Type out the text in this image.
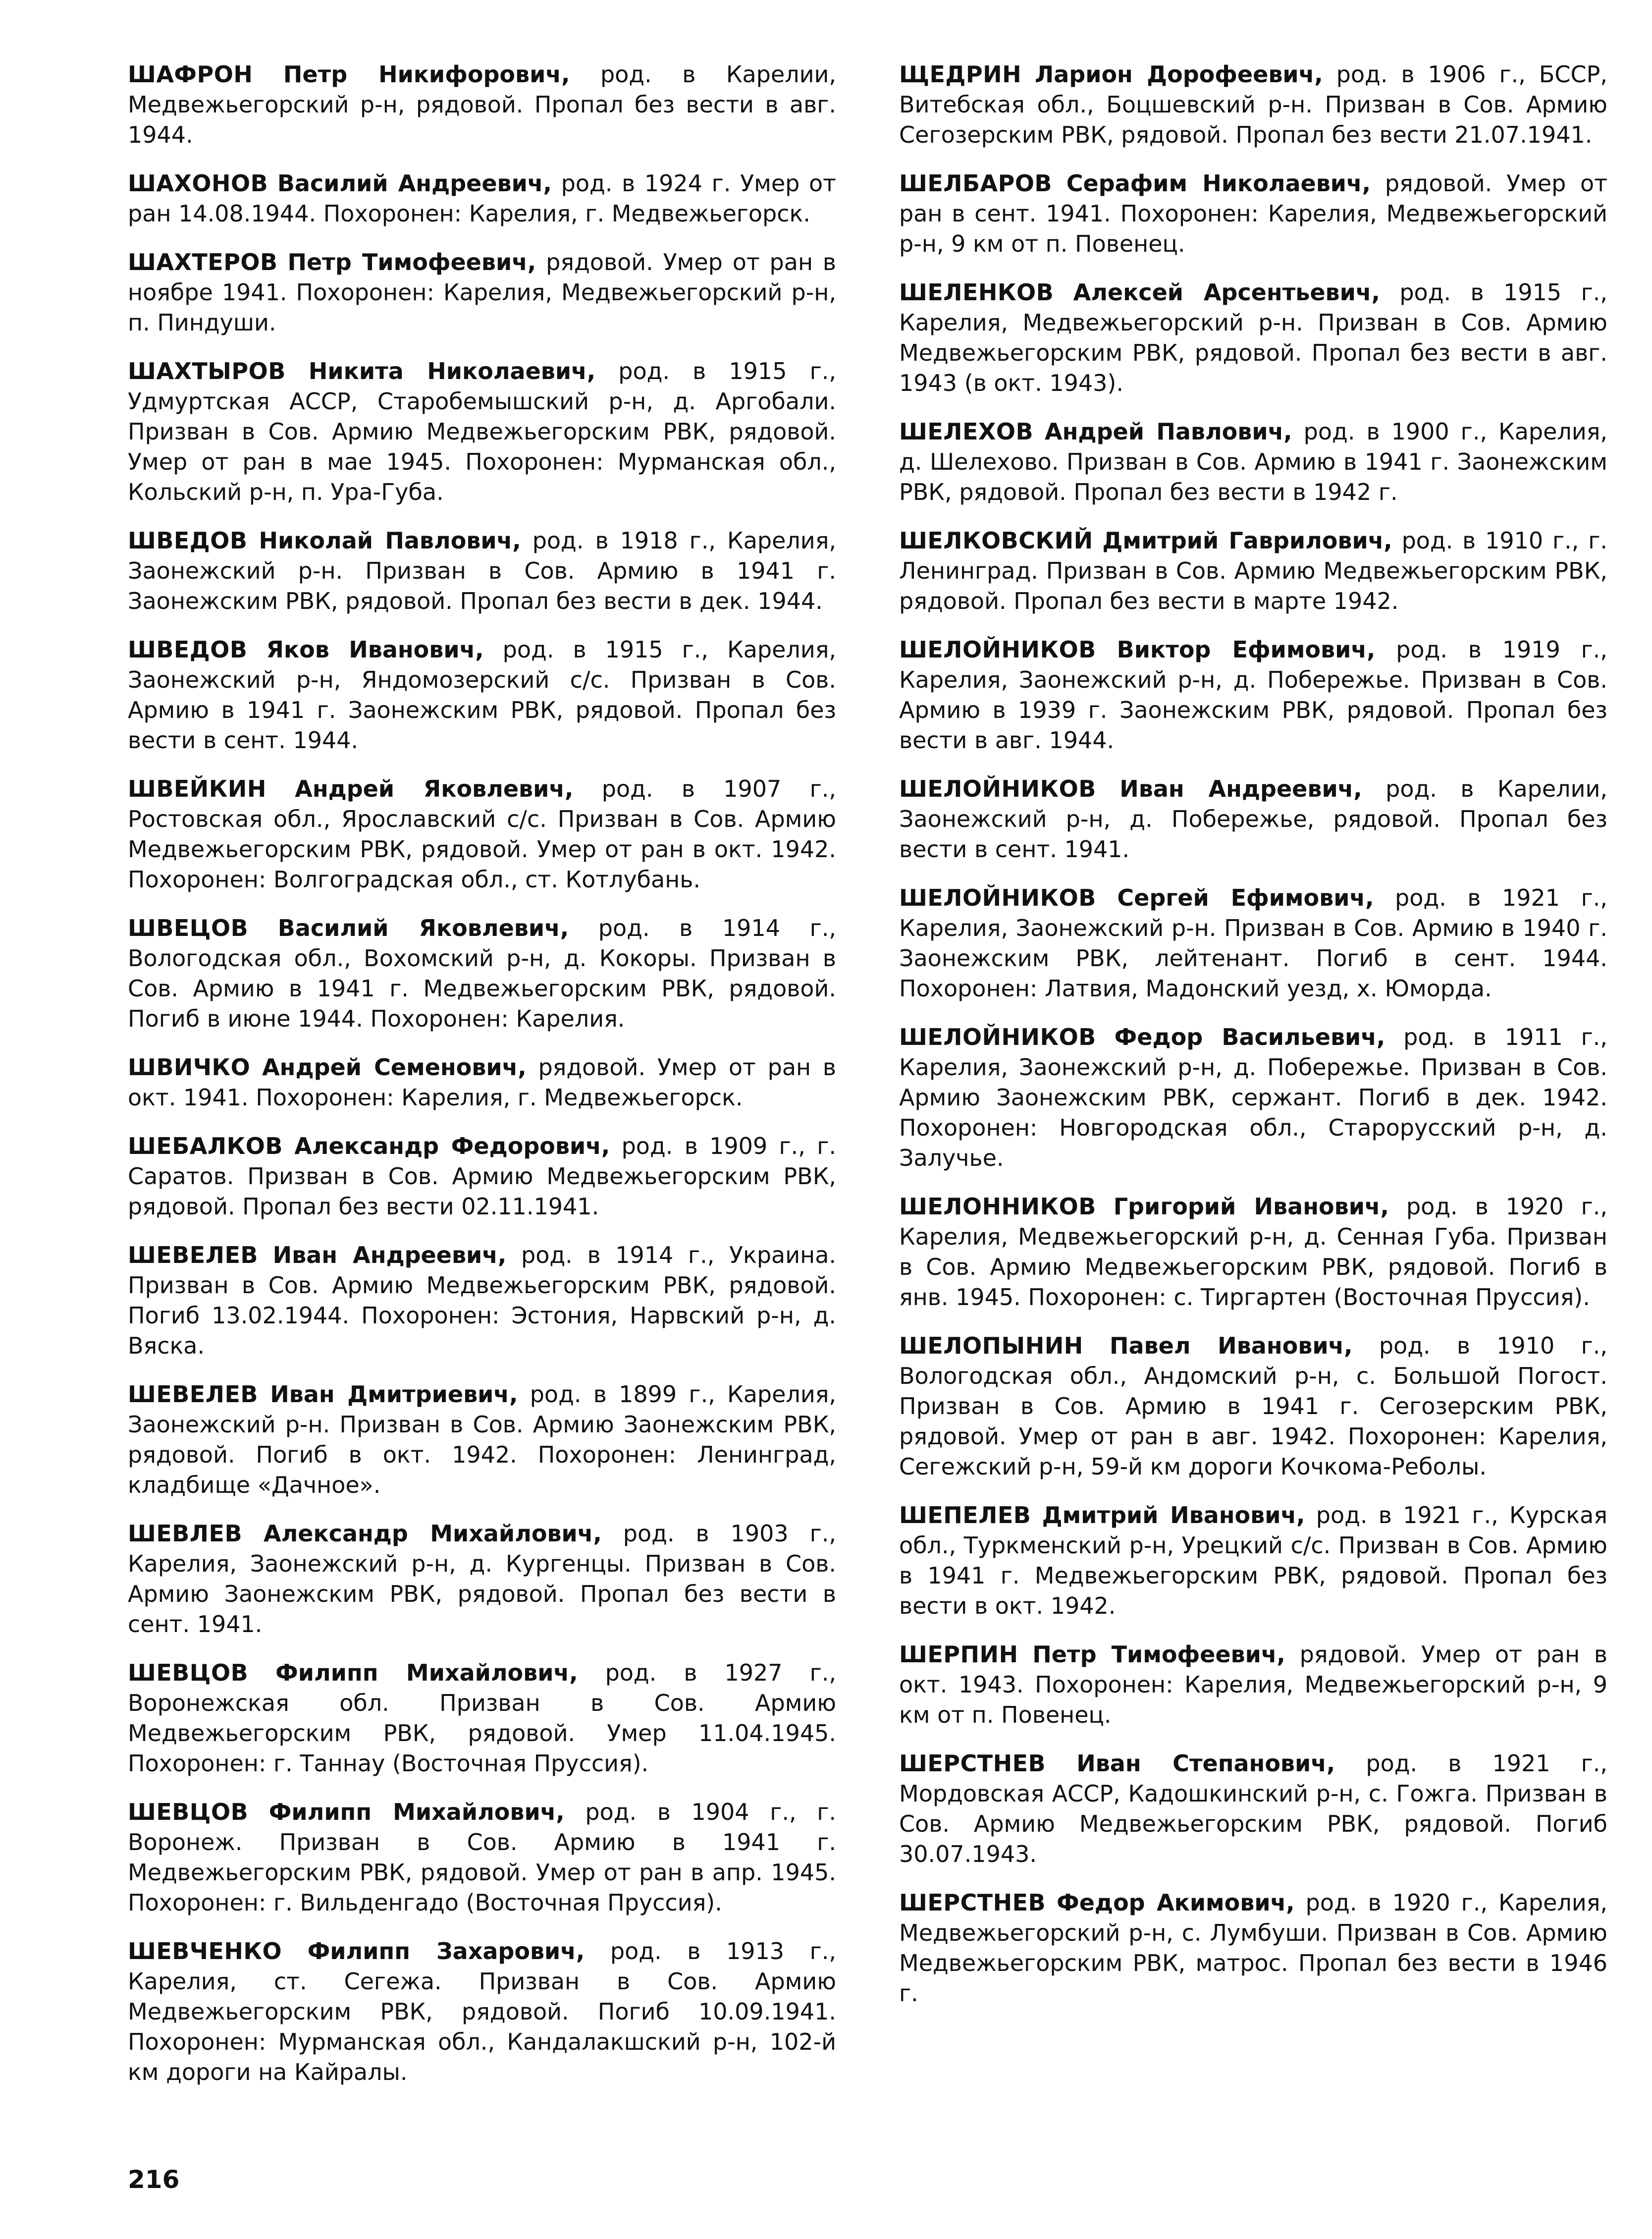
ШАФРОН Петр Никифорович, род. в Карелии, Медвежьегорский р-н, рядовой. Пропал без вести в авг. 1944.

ШАХОНОВ Василий Андреевич, род. в 1924 г. Умер от ран 14.08.1944. Похоронен: Карелия, г. Медвежьегорск.

ШАХТЕРОВ Петр Тимофеевич, рядовой. Умер от ран в ноябре 1941. Похоронен: Карелия, Медвежьегорский р-н, п. Пиндуши.

ШАХТЫРОВ Никита Николаевич, род. в 1915 г., Удмуртская АССР, Старобемышский р-н, д. Аргобали. Призван в Сов. Армию Медвежьегорским РВК, рядовой. Умер от ран в мае 1945. Похоронен: Мурманская обл., Кольский р-н, п. Ура-Губа.

ШВЕДОВ Николай Павлович, род. в 1918 г., Карелия, Заонежский р-н. Призван в Сов. Армию в 1941 г. Заонежским РВК, рядовой. Пропал без вести в дек. 1944.

ШВЕДОВ Яков Иванович, род. в 1915 г., Карелия, Заонежский р-н, Яндомозерский с/с. Призван в Сов. Армию в 1941 г. Заонежским РВК, рядовой. Пропал без вести в сент. 1944.

ШВЕЙКИН Андрей Яковлевич, род. в 1907 г., Ростовская обл., Ярославский с/с. Призван в Сов. Армию Медвежьегорским РВК, рядовой. Умер от ран в окт. 1942. Похоронен: Волгоградская обл., ст. Котлубань.

ШВЕЦОВ Василий Яковлевич, род. в 1914 г., Вологодская обл., Вохомский р-н, д. Кокоры. Призван в Сов. Армию в 1941 г. Медвежьегорским РВК, рядовой. Погиб в июне 1944. Похоронен: Карелия.

ШВИЧКО Андрей Семенович, рядовой. Умер от ран в окт. 1941. Похоронен: Карелия, г. Медвежьегорск.

ШЕБАЛКОВ Александр Федорович, род. в 1909 г., г. Саратов. Призван в Сов. Армию Медвежьегорским РВК, рядовой. Пропал без вести 02.11.1941.

ШЕВЕЛЕВ Иван Андреевич, род. в 1914 г., Украина. Призван в Сов. Армию Медвежьегорским РВК, рядовой. Погиб 13.02.1944. Похоронен: Эстония, Нарвский р-н, д. Вяска.

ШЕВЕЛЕВ Иван Дмитриевич, род. в 1899 г., Карелия, Заонежский р-н. Призван в Сов. Армию Заонежским РВК, рядовой. Погиб в окт. 1942. Похоронен: Ленинград, кладбище «Дачное».

ШЕВЛЕВ Александр Михайлович, род. в 1903 г., Карелия, Заонежский р-н, д. Кургенцы. Призван в Сов. Армию Заонежским РВК, рядовой. Пропал без вести в сент. 1941.

ШЕВЦОВ Филипп Михайлович, род. в 1927 г., Воронежская обл. Призван в Сов. Армию Медвежьегорским РВК, рядовой. Умер 11.04.1945. Похоронен: г. Таннау (Восточная Пруссия).

ШЕВЦОВ Филипп Михайлович, род. в 1904 г., г. Воронеж. Призван в Сов. Армию в 1941 г. Медвежьегорским РВК, рядовой. Умер от ран в апр. 1945. Похоронен: г. Вильденгадо (Восточная Пруссия).

ШЕВЧЕНКО Филипп Захарович, род. в 1913 г., Карелия, ст. Сегежа. Призван в Сов. Армию Медвежьегорским РВК, рядовой. Погиб 10.09.1941. Похоронен: Мурманская обл., Кандалакшский р-н, 102-й км дороги на Кайралы.

ЩЕДРИН Ларион Дорофеевич, род. в 1906 г., БССР, Витебская обл., Боцшевский р-н. Призван в Сов. Армию Сегозерским РВК, рядовой. Пропал без вести 21.07.1941.

ШЕЛБАРОВ Серафим Николаевич, рядовой. Умер от ран в сент. 1941. Похоронен: Карелия, Медвежьегорский р-н, 9 км от п. Повенец.

ШЕЛЕНКОВ Алексей Арсентьевич, род. в 1915 г., Карелия, Медвежьегорский р-н. Призван в Сов. Армию Медвежьегорским РВК, рядовой. Пропал без вести в авг. 1943 (в окт. 1943).

ШЕЛЕХОВ Андрей Павлович, род. в 1900 г., Карелия, д. Шелехово. Призван в Сов. Армию в 1941 г. Заонежским РВК, рядовой. Пропал без вести в 1942 г.

ШЕЛКОВСКИЙ Дмитрий Гаврилович, род. в 1910 г., г. Ленинград. Призван в Сов. Армию Медвежьегорским РВК, рядовой. Пропал без вести в марте 1942.

ШЕЛОЙНИКОВ Виктор Ефимович, род. в 1919 г., Карелия, Заонежский р-н, д. Побережье. Призван в Сов. Армию в 1939 г. Заонежским РВК, рядовой. Пропал без вести в авг. 1944.

ШЕЛОЙНИКОВ Иван Андреевич, род. в Карелии, Заонежский р-н, д. Побережье, рядовой. Пропал без вести в сент. 1941.

ШЕЛОЙНИКОВ Сергей Ефимович, род. в 1921 г., Карелия, Заонежский р-н. Призван в Сов. Армию в 1940 г. Заонежским РВК, лейтенант. Погиб в сент. 1944. Похоронен: Латвия, Мадонский уезд, х. Юморда.

ШЕЛОЙНИКОВ Федор Васильевич, род. в 1911 г., Карелия, Заонежский р-н, д. Побережье. Призван в Сов. Армию Заонежским РВК, сержант. Погиб в дек. 1942. Похоронен: Новгородская обл., Старорусский р-н, д. Залучье.

ШЕЛОННИКОВ Григорий Иванович, род. в 1920 г., Карелия, Медвежьегорский р-н, д. Сенная Губа. Призван в Сов. Армию Медвежьегорским РВК, рядовой. Погиб в янв. 1945. Похоронен: с. Тиргартен (Восточная Пруссия).

ШЕЛОПЫНИН Павел Иванович, род. в 1910 г., Вологодская обл., Андомский р-н, с. Большой Погост. Призван в Сов. Армию в 1941 г. Сегозерским РВК, рядовой. Умер от ран в авг. 1942. Похоронен: Карелия, Сегежский р-н, 59-й км дороги Кочкома-Реболы.

ШЕПЕЛЕВ Дмитрий Иванович, род. в 1921 г., Курская обл., Туркменский р-н, Урецкий с/с. Призван в Сов. Армию в 1941 г. Медвежьегорским РВК, рядовой. Пропал без вести в окт. 1942.

ШЕРПИН Петр Тимофеевич, рядовой. Умер от ран в окт. 1943. Похоронен: Карелия, Медвежьегорский р-н, 9 км от п. Повенец.

ШЕРСТНЕВ Иван Степанович, род. в 1921 г., Мордовская АССР, Кадошкинский р-н, с. Гожга. Призван в Сов. Армию Медвежьегорским РВК, рядовой. Погиб 30.07.1943.

ШЕРСТНЕВ Федор Акимович, род. в 1920 г., Карелия, Медвежьегорский р-н, с. Лумбуши. Призван в Сов. Армию Медвежьегорским РВК, матрос. Пропал без вести в 1946 г.

216
